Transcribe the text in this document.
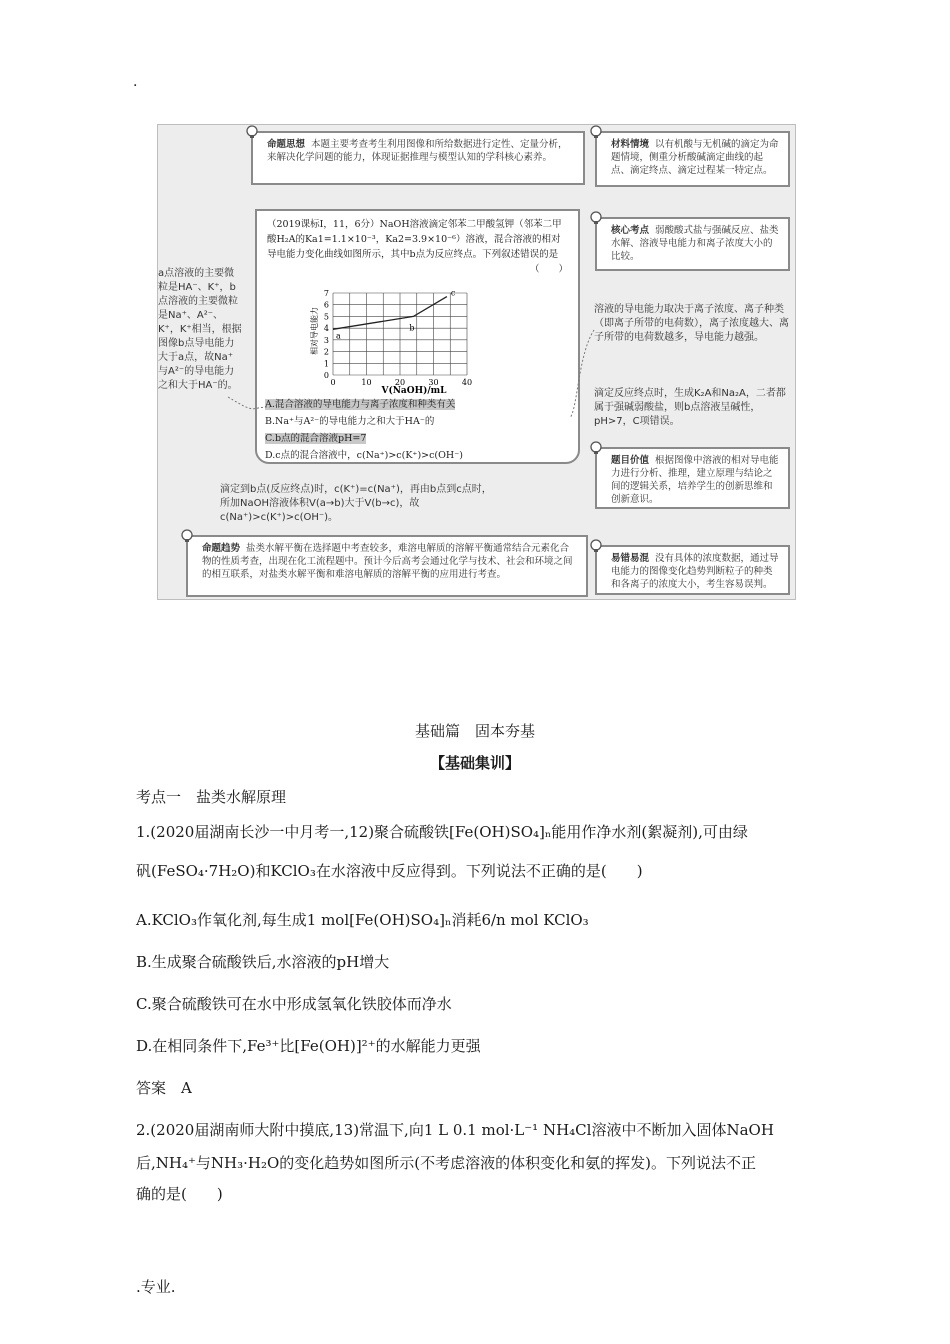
.
命题思想 本题主要考查考生利用图像和所给数据进行定性、定量分析，来解决化学问题的能力，体现证据推理与模型认知的学科核心素养。
材料情境 以有机酸与无机碱的滴定为命题情境，侧重分析酸碱滴定曲线的起点、滴定终点、滴定过程某一特定点。
核心考点 弱酸酸式盐与强碱反应、盐类水解、溶液导电能力和离子浓度大小的比较。

（2019课标Ⅰ，11，6分）NaOH溶液滴定邻苯二甲酸氢钾（邻苯二甲酸H₂A的Ka1=1.1×10⁻³，Ka2=3.9×10⁻⁶）溶液，混合溶液的相对导电能力变化曲线如图所示，其中b点为反应终点。下列叙述错误的是
（　　）

0
1
2
3
4
5
6
7
0	10	20	30	40
a
b
c
V(NaOH)/mL
相对导电能力
A.混合溶液的导电能力与离子浓度和种类有关
B.Na⁺与A²⁻的导电能力之和大于HA⁻的
C.b点的混合溶液pH=7
D.c点的混合溶液中，c(Na⁺)>c(K⁺)>c(OH⁻)
a点溶液的主要微粒是HA⁻、K⁺，b点溶液的主要微粒是Na⁺、A²⁻、K⁺，K⁺相当，根据图像b点导电能力大于a点，故Na⁺与A²⁻的导电能力之和大于HA⁻的。
溶液的导电能力取决于离子浓度、离子种类（即离子所带的电荷数），离子浓度越大、离子所带的电荷数越多，导电能力越强。
滴定反应终点时，生成K₂A和Na₂A，二者都属于强碱弱酸盐，则b点溶液呈碱性，pH>7，C项错误。
滴定到b点(反应终点)时，c(K⁺)=c(Na⁺)，再由b点到c点时，所加NaOH溶液体积V(a→b)大于V(b→c)，故c(Na⁺)>c(K⁺)>c(OH⁻)。
题目价值 根据图像中溶液的相对导电能力进行分析、推理，建立原理与结论之间的逻辑关系，培养学生的创新思维和创新意识。
命题趋势 盐类水解平衡在选择题中考查较多，难溶电解质的溶解平衡通常结合元素化合物的性质考查，出现在化工流程题中。预计今后高考会通过化学与技术、社会和环境之间的相互联系，对盐类水解平衡和难溶电解质的溶解平衡的应用进行考查。
易错易混 没有具体的浓度数据，通过导电能力的图像变化趋势判断粒子的种类和各离子的浓度大小，考生容易误判。
基础篇　固本夯基
【基础集训】
考点一　盐类水解原理
1.(2020届湖南长沙一中月考一,12)聚合硫酸铁[Fe(OH)SO₄]ₙ能用作净水剂(絮凝剂),可由绿
矾(FeSO₄·7H₂O)和KClO₃在水溶液中反应得到。下列说法不正确的是(　　)
A.KClO₃作氧化剂,每生成1 mol[Fe(OH)SO₄]ₙ消耗6/n mol KClO₃
B.生成聚合硫酸铁后,水溶液的pH增大
C.聚合硫酸铁可在水中形成氢氧化铁胶体而净水
D.在相同条件下,Fe³⁺比[Fe(OH)]²⁺的水解能力更强
答案　A
2.(2020届湖南师大附中摸底,13)常温下,向1 L 0.1 mol·L⁻¹ NH₄Cl溶液中不断加入固体NaOH
后,NH₄⁺与NH₃·H₂O的变化趋势如图所示(不考虑溶液的体积变化和氨的挥发)。下列说法不正
确的是(　　)
.专业.
